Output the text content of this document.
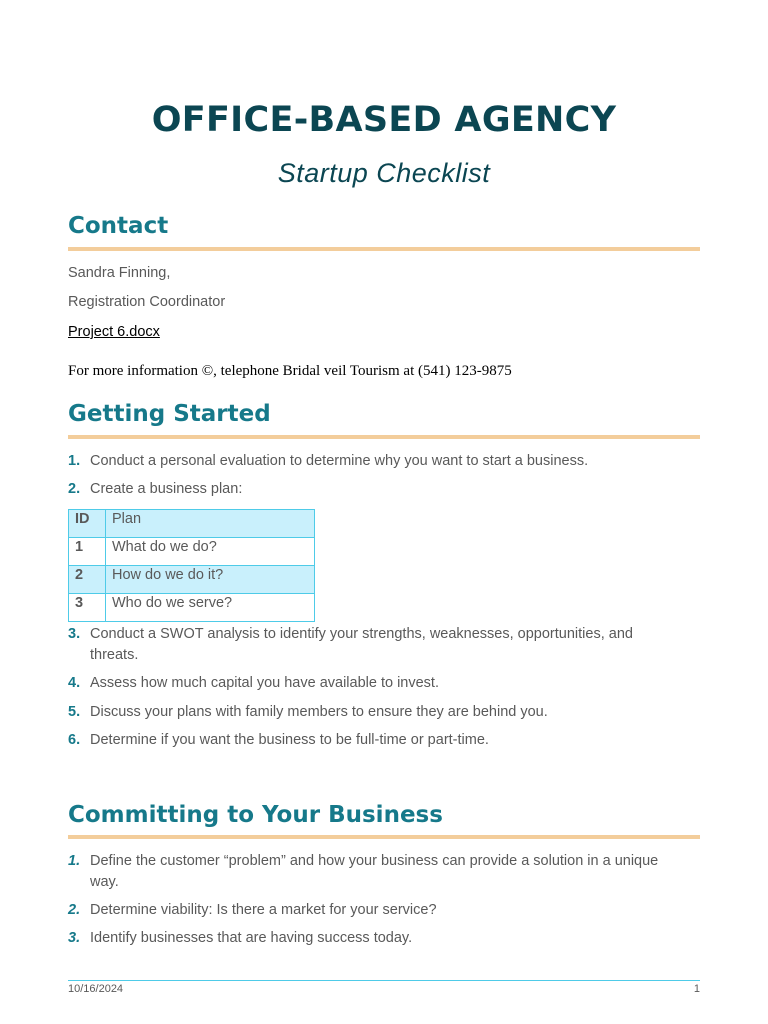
OFFICE-BASED AGENCY
Startup Checklist
Contact
Sandra Finning,
Registration Coordinator
Project 6.docx
For more information ©, telephone Bridal veil Tourism at (541) 123-9875
Getting Started
1. Conduct a personal evaluation to determine why you want to start a business.
2. Create a business plan:
ID	Plan
1	What do we do?
2	How do we do it?
3	Who do we serve?
3. Conduct a SWOT analysis to identify your strengths, weaknesses, opportunities, and threats.
4. Assess how much capital you have available to invest.
5. Discuss your plans with family members to ensure they are behind you.
6. Determine if you want the business to be full-time or part-time.
Committing to Your Business
1. Define the customer “problem” and how your business can provide a solution in a unique way.
2. Determine viability: Is there a market for your service?
3. Identify businesses that are having success today.
10/16/2024	1
